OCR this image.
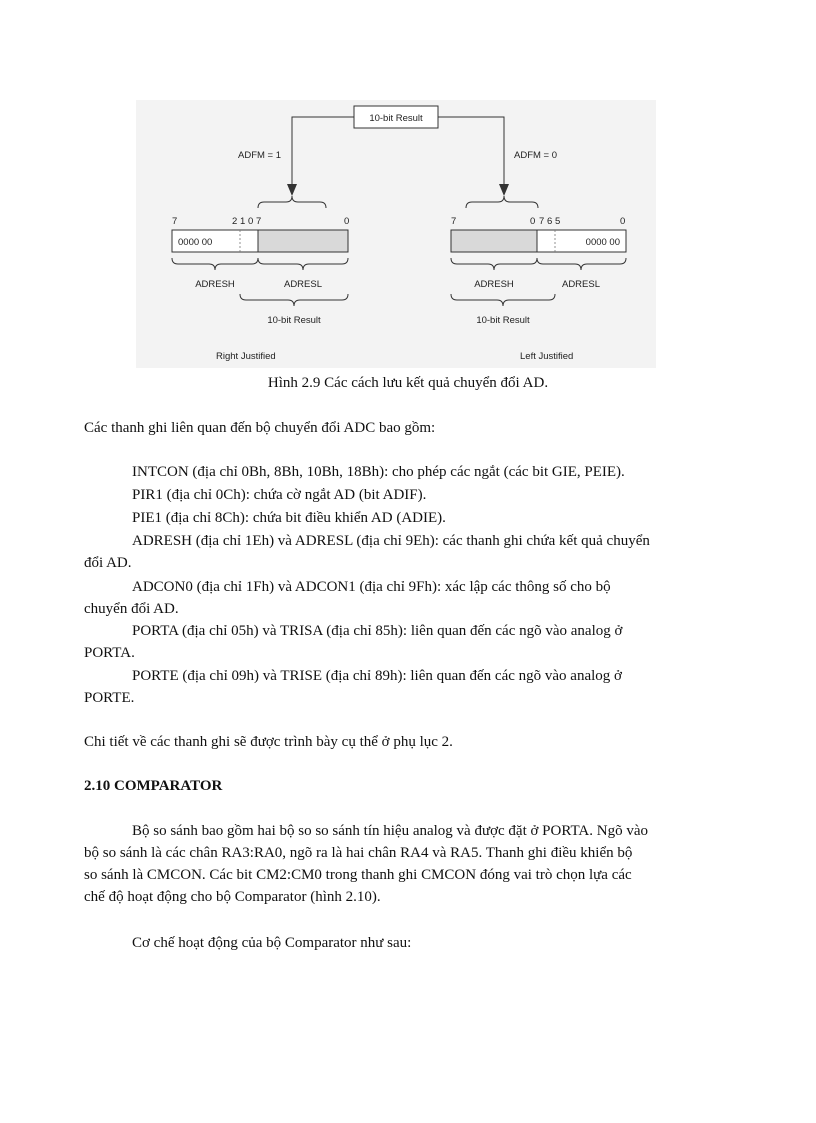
10-bit Result
ADFM = 1	ADFM = 0
7	2 1 0 7	0
0000 00
ADRESH	ADRESL
10-bit Result
Right Justified
7	0 7 6 5	0
0000 00
ADRESH	ADRESL
10-bit Result
Left Justified
Hình 2.9 Các cách lưu kết quả chuyển đổi AD.

Các thanh ghi liên quan đến bộ chuyển đổi ADC bao gồm:

INTCON (địa chỉ 0Bh, 8Bh, 10Bh, 18Bh): cho phép các ngắt (các bit GIE, PEIE).

PIR1 (địa chỉ 0Ch): chứa cờ ngắt AD (bit ADIF).

PIE1 (địa chỉ 8Ch): chứa bit điều khiển AD (ADIE).

ADRESH (địa chỉ 1Eh) và ADRESL (địa chỉ 9Eh): các thanh ghi chứa kết quả chuyển

đổi AD.

ADCON0 (địa chỉ 1Fh) và ADCON1 (địa chỉ 9Fh): xác lập các thông số cho bộ

chuyển đổi AD.

PORTA (địa chỉ 05h) và TRISA (địa chỉ 85h): liên quan đến các ngõ vào analog ở

PORTA.

PORTE (địa chỉ 09h) và TRISE (địa chỉ 89h): liên quan đến các ngõ vào analog ở

PORTE.

Chi tiết về các thanh ghi sẽ được trình bày cụ thể ở phụ lục 2.

2.10 COMPARATOR

Bộ so sánh bao gồm hai bộ so so sánh tín hiệu analog và được đặt ở PORTA. Ngõ vào

bộ so sánh là các chân RA3:RA0, ngõ ra là hai chân RA4 và RA5. Thanh ghi điều khiển bộ

so sánh là CMCON. Các bit CM2:CM0 trong thanh ghi CMCON đóng vai trò chọn lựa các

chế độ hoạt động cho bộ Comparator (hình 2.10).

Cơ chế hoạt động của bộ Comparator như sau:
